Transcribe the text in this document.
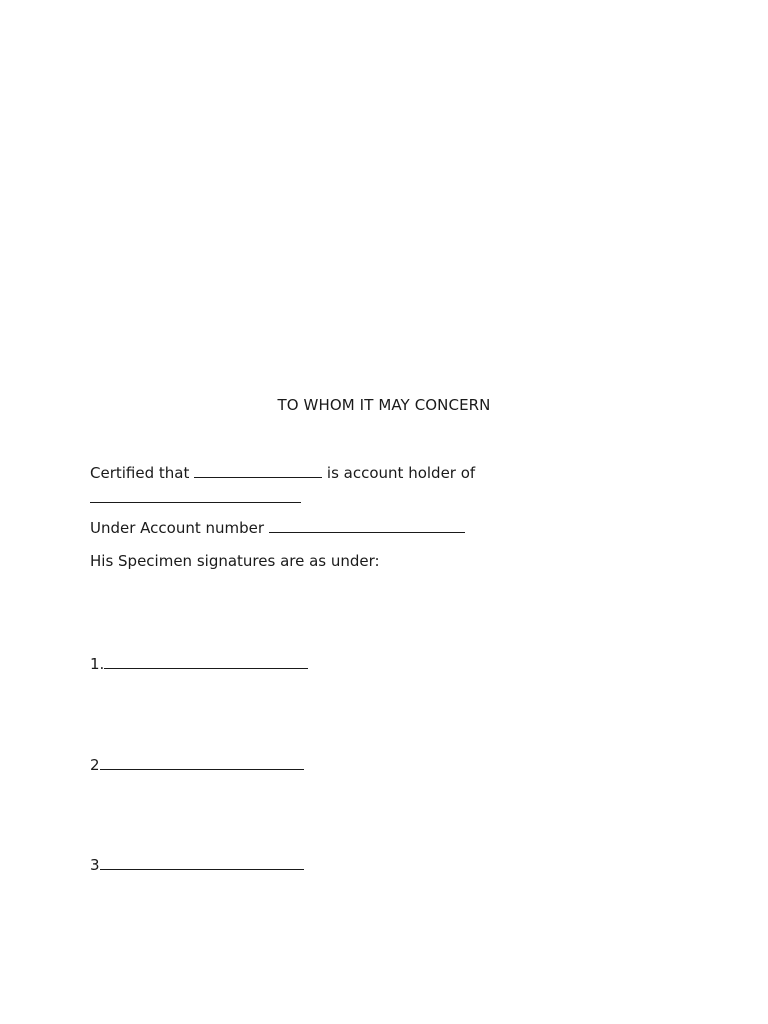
TO WHOM IT MAY CONCERN
Certified that	is account holder of
Under Account number
His Specimen signatures are as under:
1.
2
3
